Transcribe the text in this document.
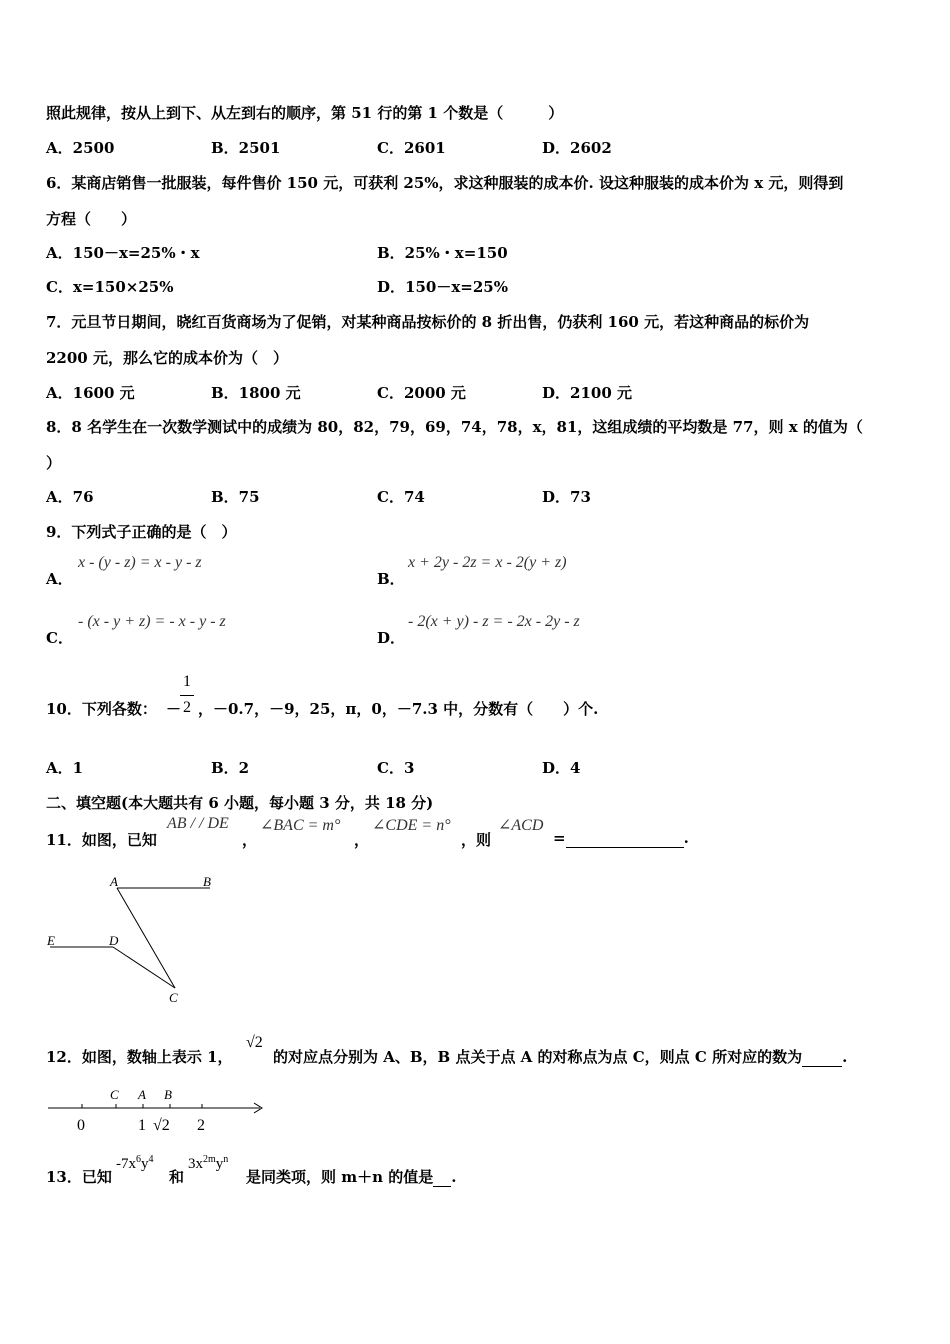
照此规律，按从上到下、从左到右的顺序，第 51 行的第 1 个数是（　　　）
A．2500	B．2501	C．2601	D．2602
6．某商店销售一批服装，每件售价 150 元，可获利 25%，求这种服装的成本价. 设这种服装的成本价为 x 元，则得到
方程（　　）
A．150－x=25%・x	B．25%・x=150
C．x=150×25%	D．150－x=25%
7．元旦节日期间，晓红百货商场为了促销，对某种商品按标价的 8 折出售，仍获利 160 元，若这种商品的标价为
2200 元，那么它的成本价为（　）
A．1600 元	B．1800 元	C．2000 元	D．2100 元
8．8 名学生在一次数学测试中的成绩为 80，82，79，69，74，78，x，81，这组成绩的平均数是 77，则 x 的值为（
）
A．76	B．75	C．74	D．73
9．下列式子正确的是（　）
A．
x - (y - z) = x - y - z
B．
x + 2y - 2z = x - 2(y + z)
C．
- (x - y + z) = - x - y - z
D．
- 2(x + y) - z = - 2x - 2y - z
10．下列各数： －
1
2 ，－0.7，－9，25，π，0，－7.3 中，分数有（　　）个.
A．1	B．2	C．3	D．4
二、填空题(本大题共有 6 小题，每小题 3 分，共 18 分)
11．如图，已知
AB / / DE
，
∠BAC = m°
，
∠CDE = n°
，则
∠ACD
=	.
A	B
E	D
C
12．如图，数轴上表示 1，
√2
的对应点分别为 A、B，B 点关于点 A 的对称点为点 C，则点 C 所对应的数为	.
C A B
0	1 √2 2
13．已知
$-7x^6y^4$
和
$3x^{2m}y^n$
是同类项，则 m＋n 的值是 .
